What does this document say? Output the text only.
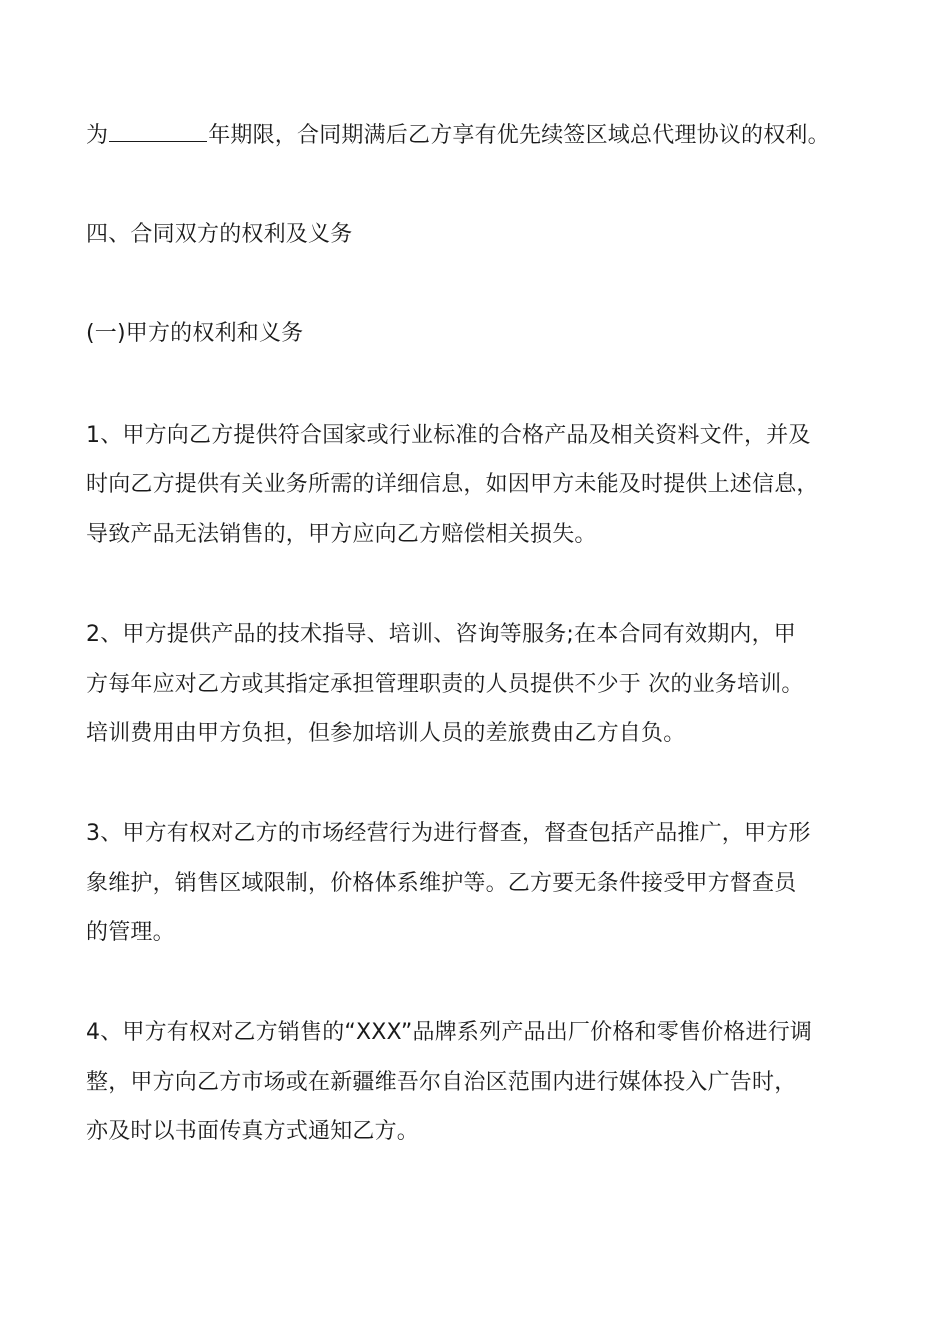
为	年期限，合同期满后乙方享有优先续签区域总代理协议的权利。
四、合同双方的权利及义务
(一)甲方的权利和义务
1、甲方向乙方提供符合国家或行业标准的合格产品及相关资料文件，并及
时向乙方提供有关业务所需的详细信息，如因甲方未能及时提供上述信息，
导致产品无法销售的，甲方应向乙方赔偿相关损失。
2、甲方提供产品的技术指导、培训、咨询等服务;在本合同有效期内，甲
方每年应对乙方或其指定承担管理职责的人员提供不少于 次的业务培训。
培训费用由甲方负担，但参加培训人员的差旅费由乙方自负。
3、甲方有权对乙方的市场经营行为进行督查，督查包括产品推广，甲方形
象维护，销售区域限制，价格体系维护等。乙方要无条件接受甲方督查员
的管理。
4、甲方有权对乙方销售的“XXX”品牌系列产品出厂价格和零售价格进行调
整，甲方向乙方市场或在新疆维吾尔自治区范围内进行媒体投入广告时，
亦及时以书面传真方式通知乙方。
